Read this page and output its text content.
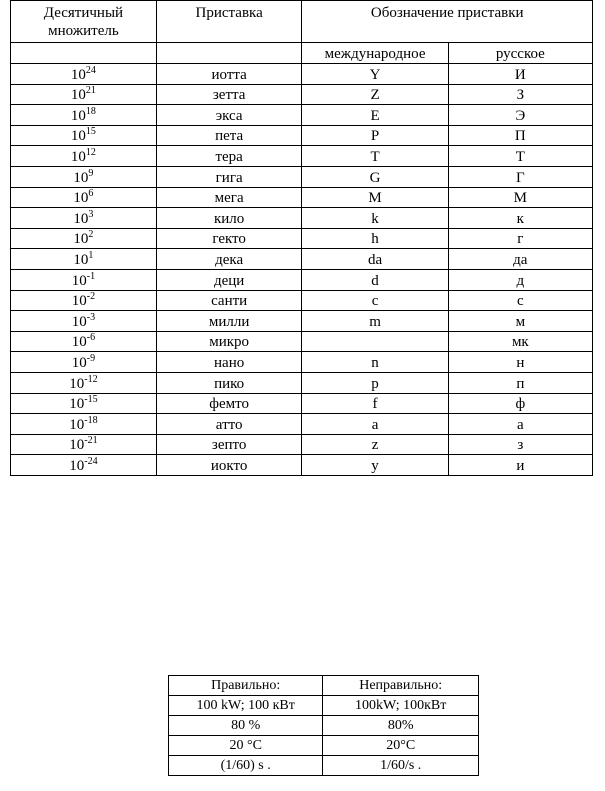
Десятичный множитель	Приставка	Обозначение приставки	
		международное	русское
$10^{24}$	иотта	Y	И
$10^{21}$	зетта	Z	З
$10^{18}$	экса	E	Э
$10^{15}$	пета	P	П
$10^{12}$	тера	T	Т
$10^9$	гига	G	Г
$10^6$	мега	M	М
$10^3$	кило	k	к
$10^2$	гекто	h	г
$10^1$	дека	da	да
$10^{-1}$	деци	d	д
$10^{-2}$	санти	c	с
$10^{-3}$	милли	m	м
$10^{-6}$	микро		мк
$10^{-9}$	нано	n	н
$10^{-12}$	пико	p	п
$10^{-15}$	фемто	f	ф
$10^{-18}$	атто	a	а
$10^{-21}$	зепто	z	з
$10^{-24}$	иокто	y	и
Правильно:	Неправильно:
100 kW; 100 кВт	100kW; 100кВт
80 %	80%
20 °C	20°C
(1/60) s .	1/60/s .
